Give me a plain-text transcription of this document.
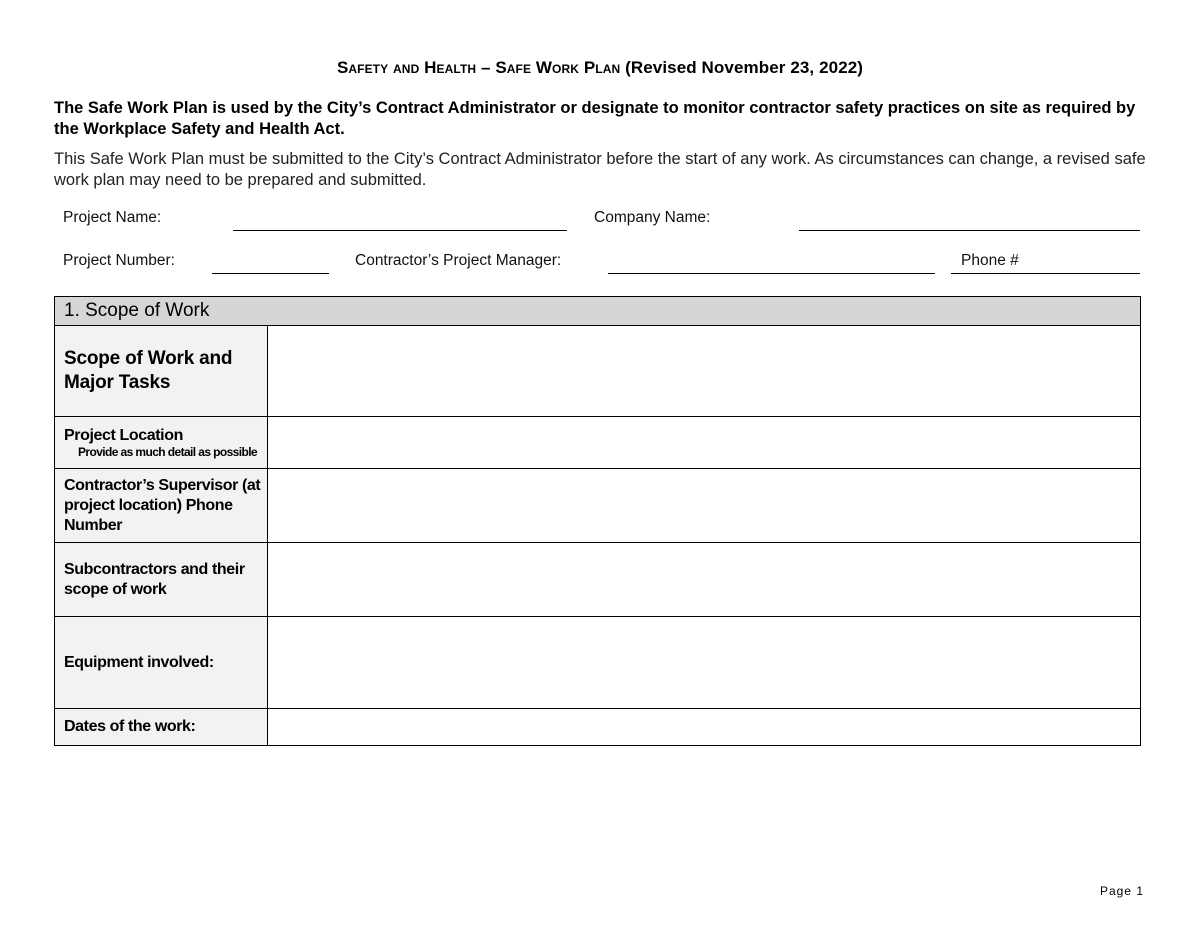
Safety and Health – Safe Work Plan (Revised November 23, 2022)
The Safe Work Plan is used by the City’s Contract Administrator or designate to monitor contractor safety practices on site as required by the Workplace Safety and Health Act.
This Safe Work Plan must be submitted to the City’s Contract Administrator before the start of any work. As circumstances can change, a revised safe work plan may need to be prepared and submitted.
Project Name:	Company Name:
Project Number:	Contractor’s Project Manager:	Phone #
1. Scope of Work	
Scope of Work and Major Tasks	
Project Location
Provide as much detail as possible	

Contractor’s Supervisor (at project location) Phone Number	
Subcontractors and their scope of work	
Equipment involved:	
Dates of the work:	
Page 1
